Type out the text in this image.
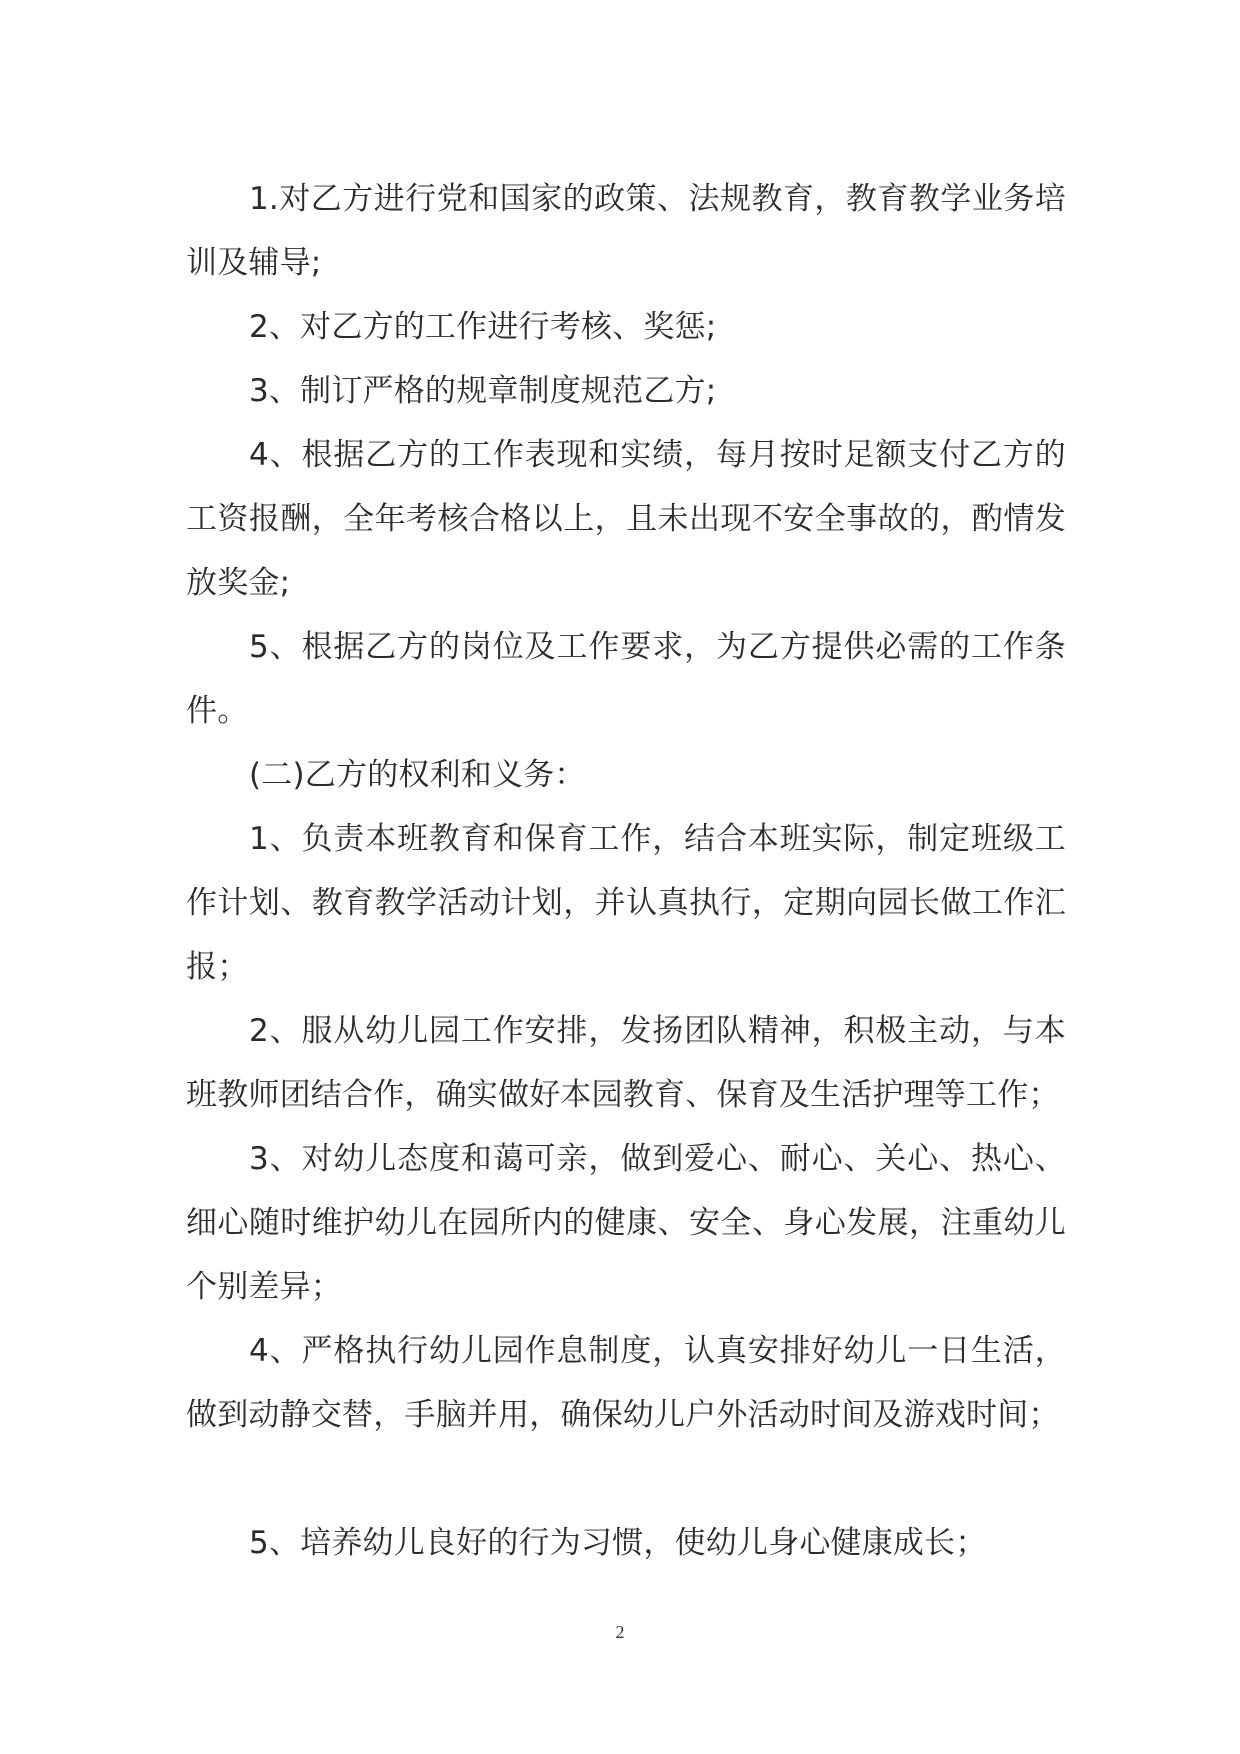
1.对乙方进行党和国家的政策、法规教育，教育教学业务培训及辅导;

2、对乙方的工作进行考核、奖惩;

3、制订严格的规章制度规范乙方;

4、根据乙方的工作表现和实绩，每月按时足额支付乙方的工资报酬，全年考核合格以上，且未出现不安全事故的，酌情发放奖金;

5、根据乙方的岗位及工作要求，为乙方提供必需的工作条件。

(二)乙方的权利和义务：

1、负责本班教育和保育工作，结合本班实际，制定班级工作计划、教育教学活动计划，并认真执行，定期向园长做工作汇报；

2、服从幼儿园工作安排，发扬团队精神，积极主动，与本班教师团结合作，确实做好本园教育、保育及生活护理等工作；

3、对幼儿态度和蔼可亲，做到爱心、耐心、关心、热心、细心随时维护幼儿在园所内的健康、安全、身心发展，注重幼儿个别差异；

4、严格执行幼儿园作息制度，认真安排好幼儿一日生活，做到动静交替，手脑并用，确保幼儿户外活动时间及游戏时间；

5、培养幼儿良好的行为习惯，使幼儿身心健康成长；

2
